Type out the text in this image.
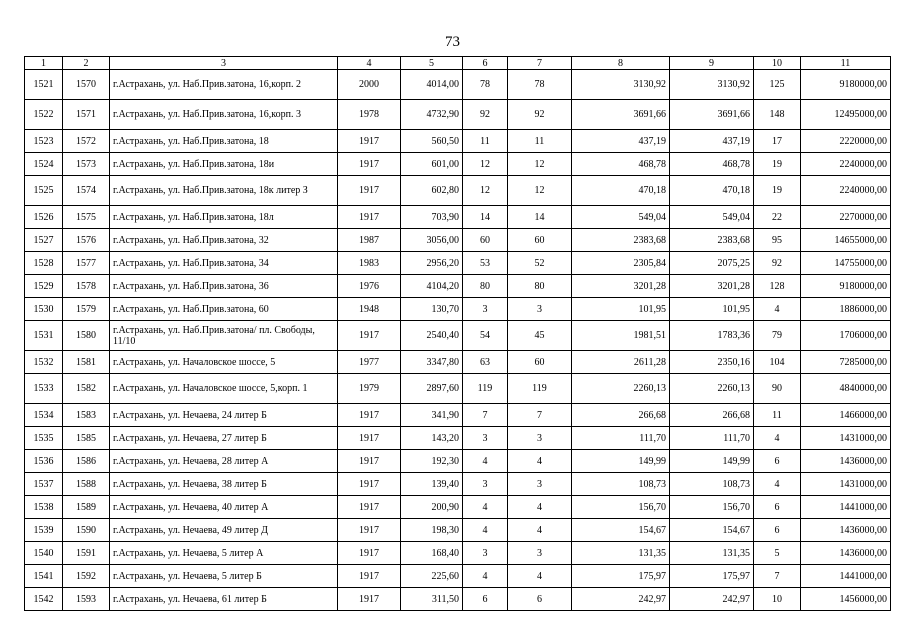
73
1	2	3	4	5	6	7	8	9	10	11
1521	1570	г.Астрахань, ул. Наб.Прив.затона, 16,корп. 2	2000	4014,00	78	78	3130,92	3130,92	125	9180000,00
1522	1571	г.Астрахань, ул. Наб.Прив.затона, 16,корп. 3	1978	4732,90	92	92	3691,66	3691,66	148	12495000,00
1523	1572	г.Астрахань, ул. Наб.Прив.затона, 18	1917	560,50	11	11	437,19	437,19	17	2220000,00
1524	1573	г.Астрахань, ул. Наб.Прив.затона, 18и	1917	601,00	12	12	468,78	468,78	19	2240000,00
1525	1574	г.Астрахань, ул. Наб.Прив.затона, 18к литер З	1917	602,80	12	12	470,18	470,18	19	2240000,00
1526	1575	г.Астрахань, ул. Наб.Прив.затона, 18л	1917	703,90	14	14	549,04	549,04	22	2270000,00
1527	1576	г.Астрахань, ул. Наб.Прив.затона, 32	1987	3056,00	60	60	2383,68	2383,68	95	14655000,00
1528	1577	г.Астрахань, ул. Наб.Прив.затона, 34	1983	2956,20	53	52	2305,84	2075,25	92	14755000,00
1529	1578	г.Астрахань, ул. Наб.Прив.затона, 36	1976	4104,20	80	80	3201,28	3201,28	128	9180000,00
1530	1579	г.Астрахань, ул. Наб.Прив.затона, 60	1948	130,70	3	3	101,95	101,95	4	1886000,00
1531	1580	г.Астрахань, ул. Наб.Прив.затона/ пл. Свободы, 11/10	1917	2540,40	54	45	1981,51	1783,36	79	1706000,00
1532	1581	г.Астрахань, ул. Началовское шоссе, 5	1977	3347,80	63	60	2611,28	2350,16	104	7285000,00
1533	1582	г.Астрахань, ул. Началовское шоссе, 5,корп. 1	1979	2897,60	119	119	2260,13	2260,13	90	4840000,00
1534	1583	г.Астрахань, ул. Нечаева, 24 литер Б	1917	341,90	7	7	266,68	266,68	11	1466000,00
1535	1585	г.Астрахань, ул. Нечаева, 27 литер Б	1917	143,20	3	3	111,70	111,70	4	1431000,00
1536	1586	г.Астрахань, ул. Нечаева, 28 литер А	1917	192,30	4	4	149,99	149,99	6	1436000,00
1537	1588	г.Астрахань, ул. Нечаева, 38 литер Б	1917	139,40	3	3	108,73	108,73	4	1431000,00
1538	1589	г.Астрахань, ул. Нечаева, 40 литер А	1917	200,90	4	4	156,70	156,70	6	1441000,00
1539	1590	г.Астрахань, ул. Нечаева, 49 литер Д	1917	198,30	4	4	154,67	154,67	6	1436000,00
1540	1591	г.Астрахань, ул. Нечаева, 5 литер А	1917	168,40	3	3	131,35	131,35	5	1436000,00
1541	1592	г.Астрахань, ул. Нечаева, 5 литер Б	1917	225,60	4	4	175,97	175,97	7	1441000,00
1542	1593	г.Астрахань, ул. Нечаева, 61 литер Б	1917	311,50	6	6	242,97	242,97	10	1456000,00
